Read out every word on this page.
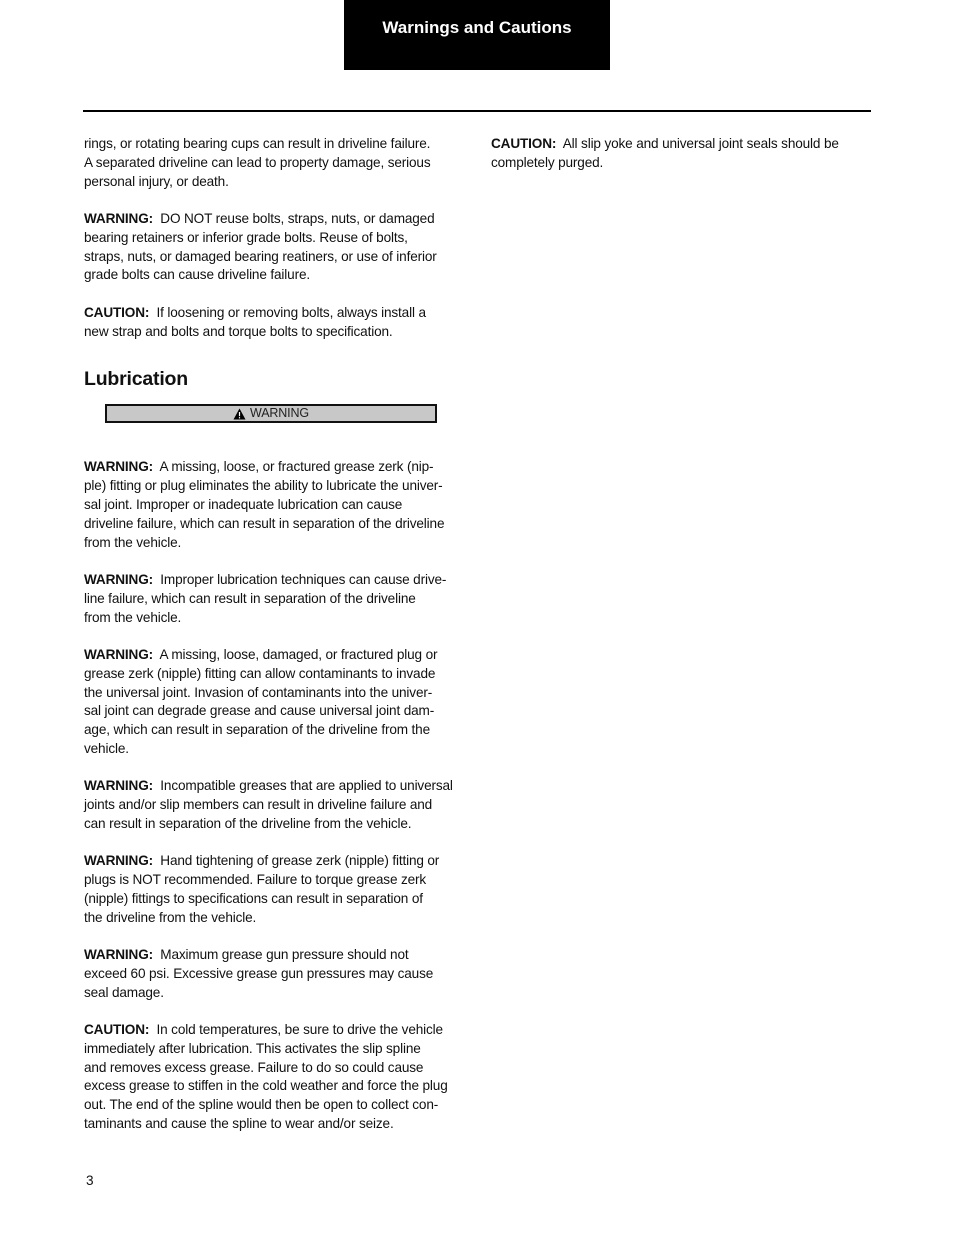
Warnings and Cautions

rings, or rotating bearing cups can result in driveline failure.
A separated driveline can lead to property damage, serious
personal injury, or death.

WARNING: DO NOT reuse bolts, straps, nuts, or damaged
bearing retainers or inferior grade bolts. Reuse of bolts,
straps, nuts, or damaged bearing reatiners, or use of inferior
grade bolts can cause driveline failure.

CAUTION: If loosening or removing bolts, always install a
new strap and bolts and torque bolts to specification.

Lubrication
WARNING

WARNING: A missing, loose, or fractured grease zerk (nip-
ple) fitting or plug eliminates the ability to lubricate the univer-
sal joint. Improper or inadequate lubrication can cause
driveline failure, which can result in separation of the driveline
from the vehicle.

WARNING: Improper lubrication techniques can cause drive-
line failure, which can result in separation of the driveline
from the vehicle.

WARNING: A missing, loose, damaged, or fractured plug or
grease zerk (nipple) fitting can allow contaminants to invade
the universal joint. Invasion of contaminants into the univer-
sal joint can degrade grease and cause universal joint dam-
age, which can result in separation of the driveline from the
vehicle.

WARNING: Incompatible greases that are applied to universal
joints and/or slip members can result in driveline failure and
can result in separation of the driveline from the vehicle.

WARNING: Hand tightening of grease zerk (nipple) fitting or
plugs is NOT recommended. Failure to torque grease zerk
(nipple) fittings to specifications can result in separation of
the driveline from the vehicle.

WARNING: Maximum grease gun pressure should not
exceed 60 psi. Excessive grease gun pressures may cause
seal damage.

CAUTION: In cold temperatures, be sure to drive the vehicle
immediately after lubrication. This activates the slip spline
and removes excess grease. Failure to do so could cause
excess grease to stiffen in the cold weather and force the plug
out. The end of the spline would then be open to collect con-
taminants and cause the spline to wear and/or seize.

CAUTION: All slip yoke and universal joint seals should be
completely purged.

3
